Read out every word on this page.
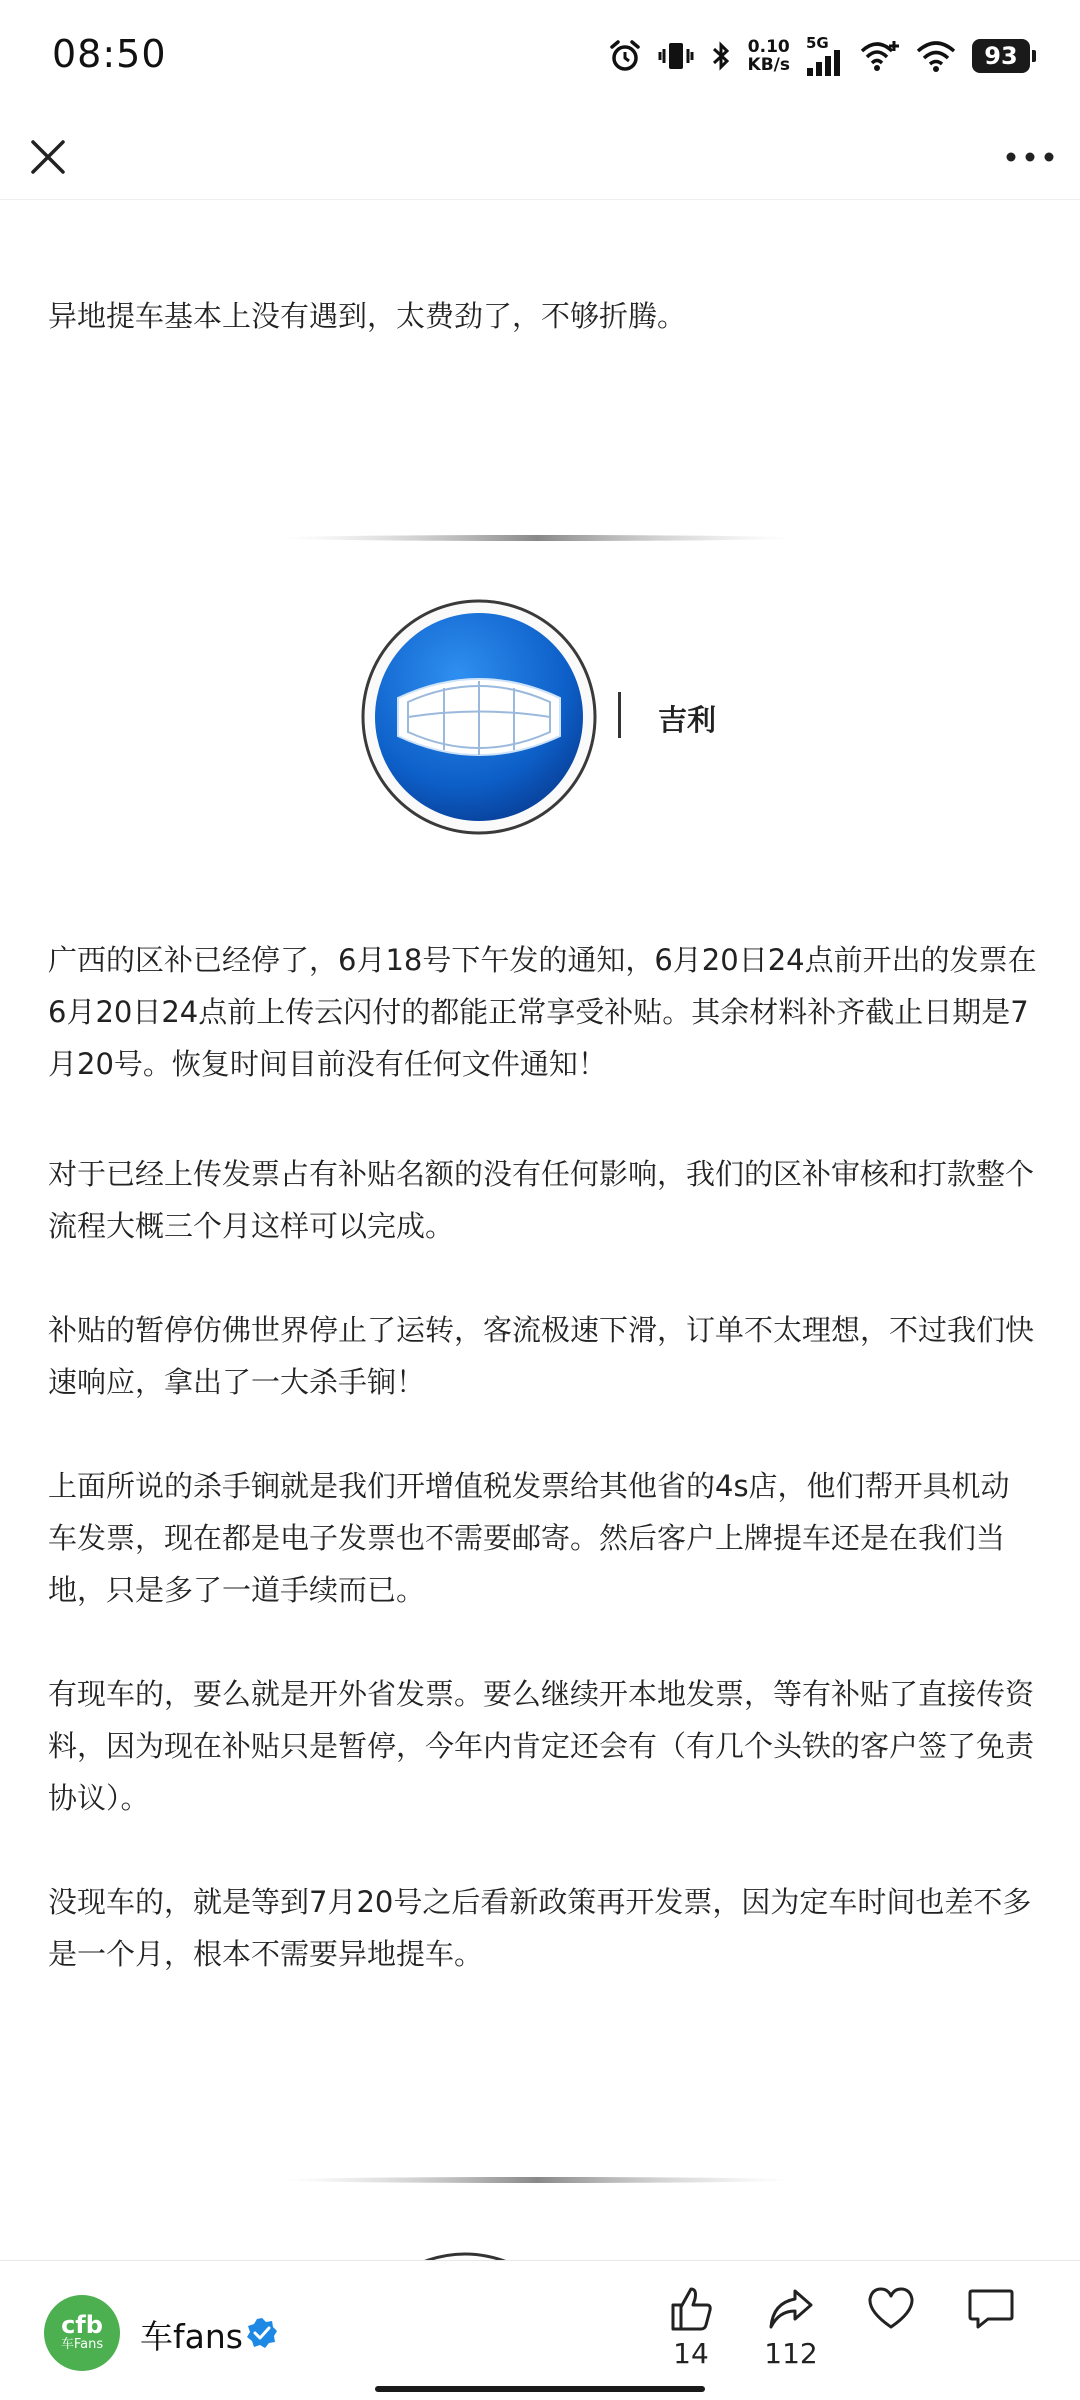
08:50	0.10
KB/s
5G	93
异地提车基本上没有遇到，太费劲了，不够折腾。
吉利
广西的区补已经停了，6月18号下午发的通知，6月20日24点前开出的发票在6月20日24点前上传云闪付的都能正常享受补贴。其余材料补齐截止日期是7月20号。恢复时间目前没有任何文件通知！
对于已经上传发票占有补贴名额的没有任何影响，我们的区补审核和打款整个流程大概三个月这样可以完成。
补贴的暂停仿佛世界停止了运转，客流极速下滑，订单不太理想，不过我们快速响应，拿出了一大杀手锏！
上面所说的杀手锏就是我们开增值税发票给其他省的4s店，他们帮开具机动车发票，现在都是电子发票也不需要邮寄。然后客户上牌提车还是在我们当地，只是多了一道手续而已。
有现车的，要么就是开外省发票。要么继续开本地发票，等有补贴了直接传资料，因为现在补贴只是暂停，今年内肯定还会有（有几个头铁的客户签了免责协议）。
没现车的，就是等到7月20号之后看新政策再开发票，因为定车时间也差不多是一个月，根本不需要异地提车。
cfb
车Fans 车fans	14 112
